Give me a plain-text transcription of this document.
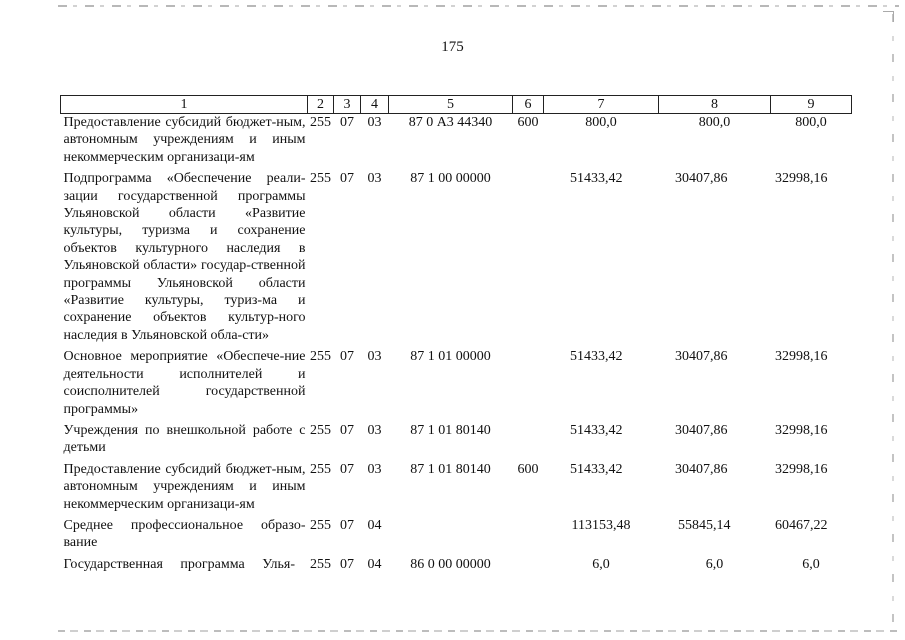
175
1	2	3	4	5	6	7	8	9
Предоставление субсидий бюджет-ным, автономным учреждениям и иным некоммерческим организаци-ям	255	07	03	87 0 А3 44340	600	800,0	800,0	800,0
Подпрограмма «Обеспечение реали-зации государственной программы Ульяновской области «Развитие культуры, туризма и сохранение объектов культурного наследия в Ульяновской области» государ-ственной программы Ульяновской области «Развитие культуры, туриз-ма и сохранение объектов культур-ного наследия в Ульяновской обла-сти»	255	07	03	87 1 00 00000		51433,42	30407,86	32998,16
Основное мероприятие «Обеспече-ние деятельности исполнителей и соисполнителей государственной программы»	255	07	03	87 1 01 00000		51433,42	30407,86	32998,16
Учреждения по внешкольной работе с детьми	255	07	03	87 1 01 80140		51433,42	30407,86	32998,16
Предоставление субсидий бюджет-ным, автономным учреждениям и иным некоммерческим организаци-ям	255	07	03	87 1 01 80140	600	51433,42	30407,86	32998,16
Среднее профессиональное образо-вание	255	07	04			113153,48	55845,14	60467,22
Государственная программа Улья-	255	07	04	86 0 00 00000		6,0	6,0	6,0
